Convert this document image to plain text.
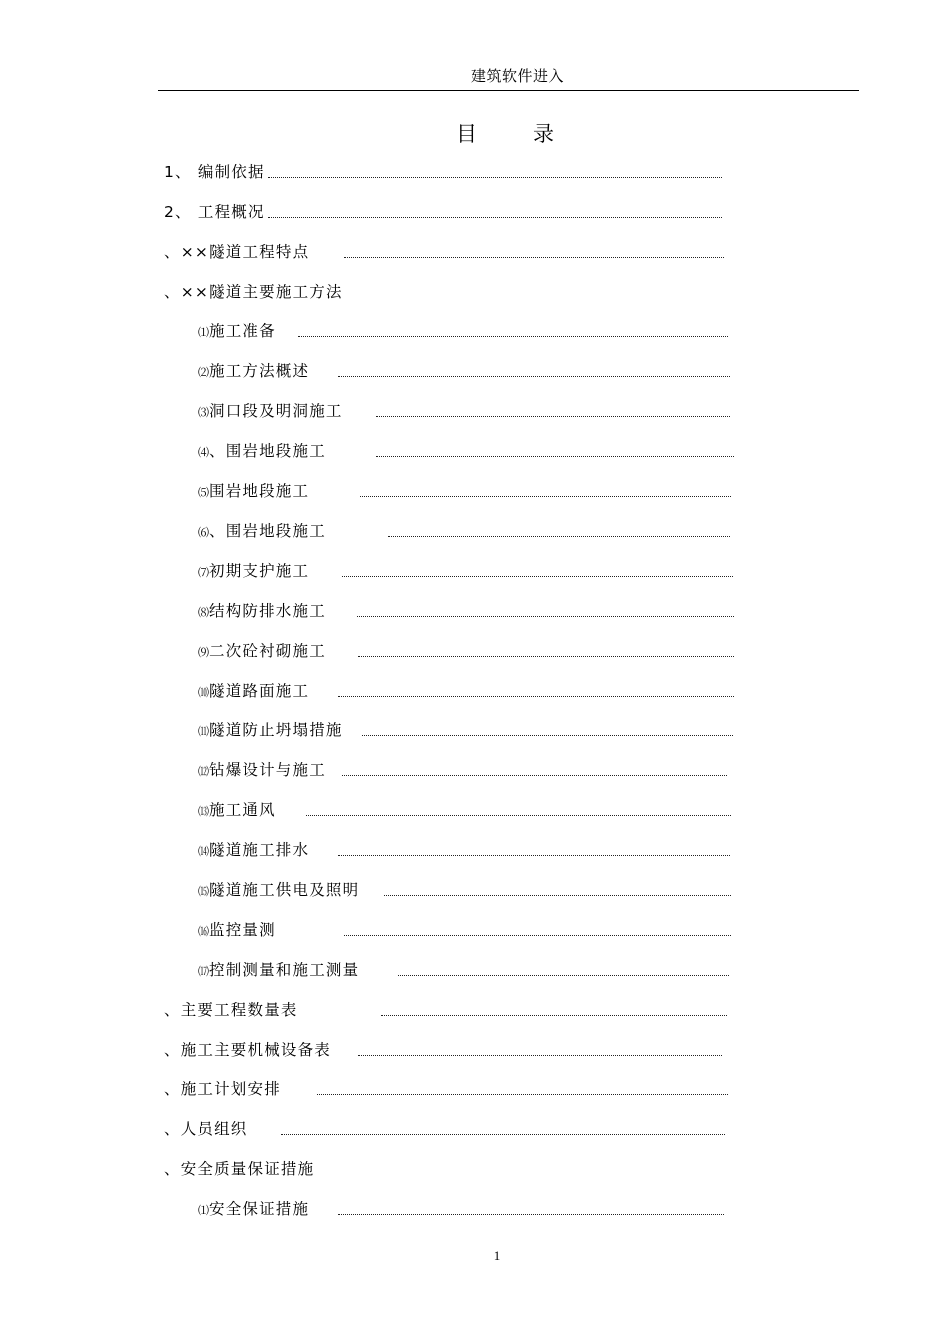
建筑软件进入
目录
1、 编制依据
2、 工程概况
、××隧道工程特点
、××隧道主要施工方法
⑴施工准备
⑵施工方法概述
⑶洞口段及明洞施工
⑷、围岩地段施工
⑸围岩地段施工
⑹、围岩地段施工
⑺初期支护施工
⑻结构防排水施工
⑼二次砼衬砌施工
⑽隧道路面施工
⑾隧道防止坍塌措施
⑿钻爆设计与施工
⒀施工通风
⒁隧道施工排水
⒂隧道施工供电及照明
⒃监控量测
⒄控制测量和施工测量
、主要工程数量表
、施工主要机械设备表
、施工计划安排
、人员组织
、安全质量保证措施
⑴安全保证措施
1
